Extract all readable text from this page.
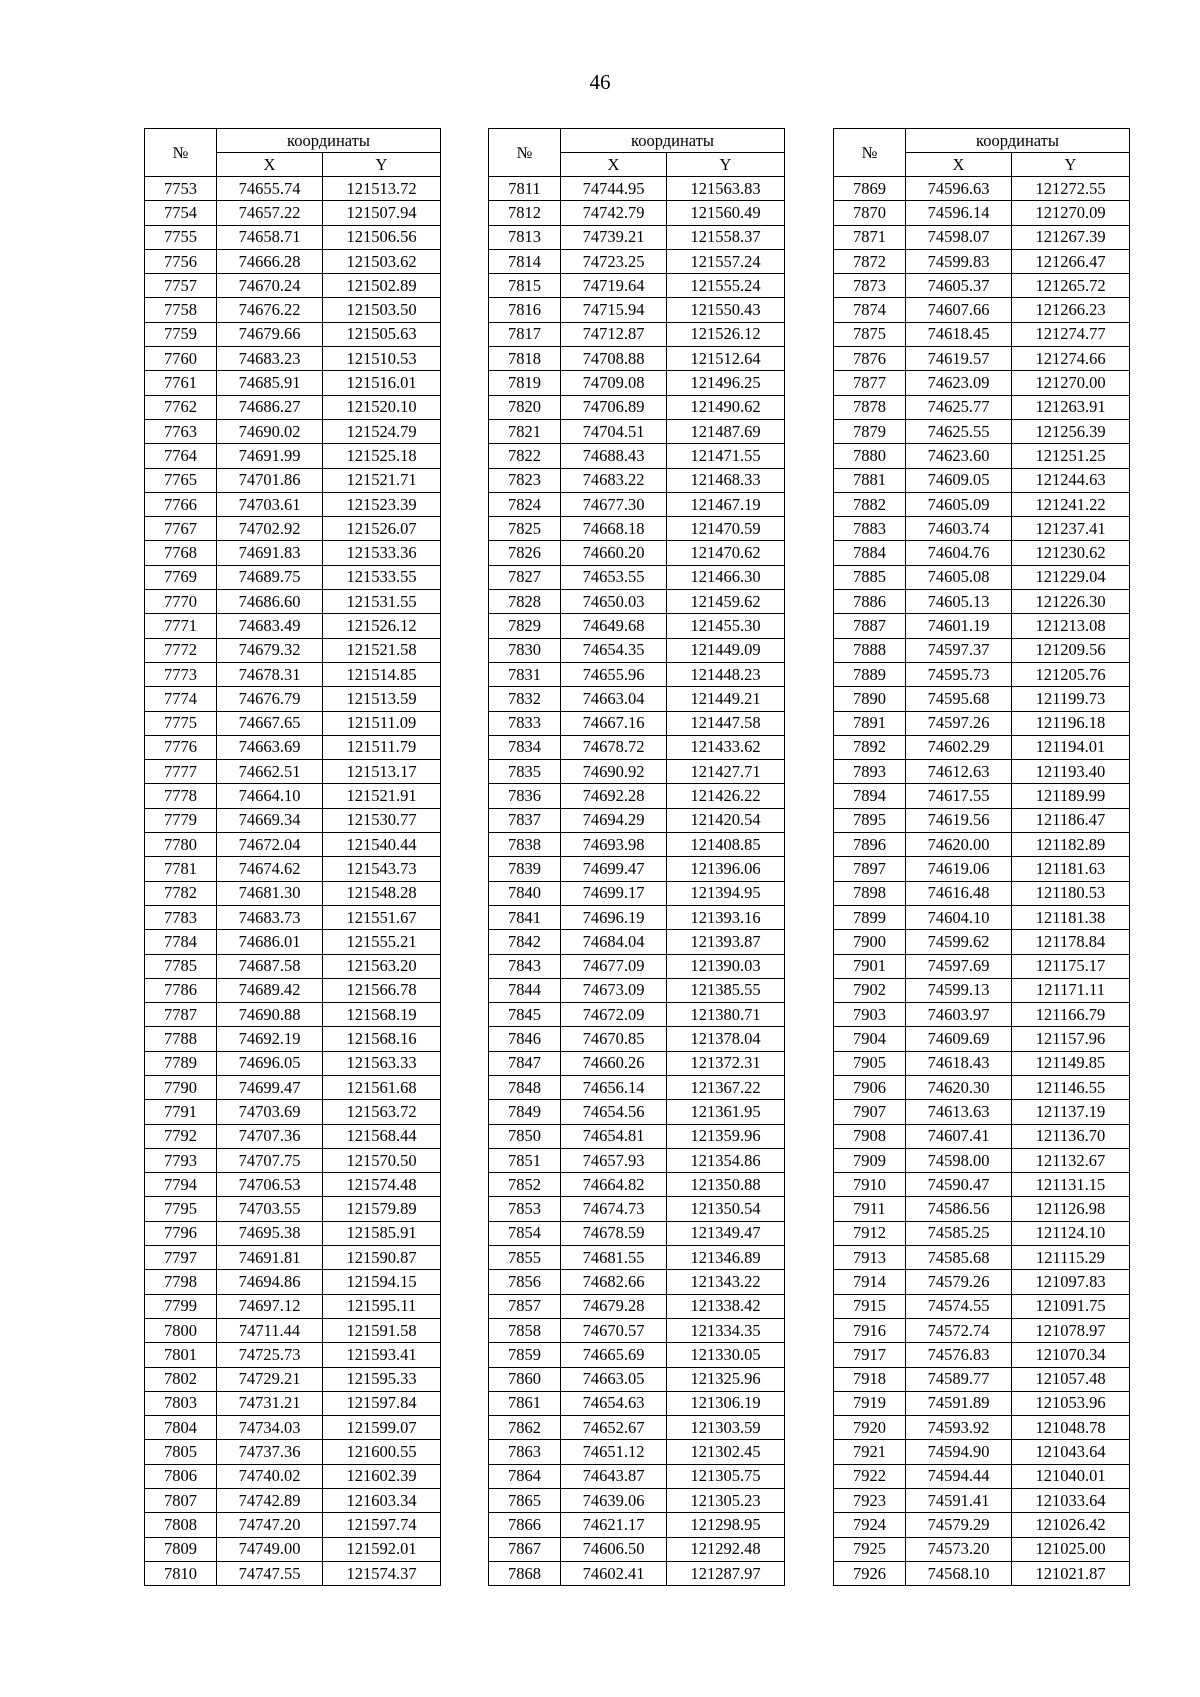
46
№	координаты	
	X	Y
7753	74655.74	121513.72
7754	74657.22	121507.94
7755	74658.71	121506.56
7756	74666.28	121503.62
7757	74670.24	121502.89
7758	74676.22	121503.50
7759	74679.66	121505.63
7760	74683.23	121510.53
7761	74685.91	121516.01
7762	74686.27	121520.10
7763	74690.02	121524.79
7764	74691.99	121525.18
7765	74701.86	121521.71
7766	74703.61	121523.39
7767	74702.92	121526.07
7768	74691.83	121533.36
7769	74689.75	121533.55
7770	74686.60	121531.55
7771	74683.49	121526.12
7772	74679.32	121521.58
7773	74678.31	121514.85
7774	74676.79	121513.59
7775	74667.65	121511.09
7776	74663.69	121511.79
7777	74662.51	121513.17
7778	74664.10	121521.91
7779	74669.34	121530.77
7780	74672.04	121540.44
7781	74674.62	121543.73
7782	74681.30	121548.28
7783	74683.73	121551.67
7784	74686.01	121555.21
7785	74687.58	121563.20
7786	74689.42	121566.78
7787	74690.88	121568.19
7788	74692.19	121568.16
7789	74696.05	121563.33
7790	74699.47	121561.68
7791	74703.69	121563.72
7792	74707.36	121568.44
7793	74707.75	121570.50
7794	74706.53	121574.48
7795	74703.55	121579.89
7796	74695.38	121585.91
7797	74691.81	121590.87
7798	74694.86	121594.15
7799	74697.12	121595.11
7800	74711.44	121591.58
7801	74725.73	121593.41
7802	74729.21	121595.33
7803	74731.21	121597.84
7804	74734.03	121599.07
7805	74737.36	121600.55
7806	74740.02	121602.39
7807	74742.89	121603.34
7808	74747.20	121597.74
7809	74749.00	121592.01
7810	74747.55	121574.37
№	координаты	
	X	Y
7811	74744.95	121563.83
7812	74742.79	121560.49
7813	74739.21	121558.37
7814	74723.25	121557.24
7815	74719.64	121555.24
7816	74715.94	121550.43
7817	74712.87	121526.12
7818	74708.88	121512.64
7819	74709.08	121496.25
7820	74706.89	121490.62
7821	74704.51	121487.69
7822	74688.43	121471.55
7823	74683.22	121468.33
7824	74677.30	121467.19
7825	74668.18	121470.59
7826	74660.20	121470.62
7827	74653.55	121466.30
7828	74650.03	121459.62
7829	74649.68	121455.30
7830	74654.35	121449.09
7831	74655.96	121448.23
7832	74663.04	121449.21
7833	74667.16	121447.58
7834	74678.72	121433.62
7835	74690.92	121427.71
7836	74692.28	121426.22
7837	74694.29	121420.54
7838	74693.98	121408.85
7839	74699.47	121396.06
7840	74699.17	121394.95
7841	74696.19	121393.16
7842	74684.04	121393.87
7843	74677.09	121390.03
7844	74673.09	121385.55
7845	74672.09	121380.71
7846	74670.85	121378.04
7847	74660.26	121372.31
7848	74656.14	121367.22
7849	74654.56	121361.95
7850	74654.81	121359.96
7851	74657.93	121354.86
7852	74664.82	121350.88
7853	74674.73	121350.54
7854	74678.59	121349.47
7855	74681.55	121346.89
7856	74682.66	121343.22
7857	74679.28	121338.42
7858	74670.57	121334.35
7859	74665.69	121330.05
7860	74663.05	121325.96
7861	74654.63	121306.19
7862	74652.67	121303.59
7863	74651.12	121302.45
7864	74643.87	121305.75
7865	74639.06	121305.23
7866	74621.17	121298.95
7867	74606.50	121292.48
7868	74602.41	121287.97
№	координаты	
	X	Y
7869	74596.63	121272.55
7870	74596.14	121270.09
7871	74598.07	121267.39
7872	74599.83	121266.47
7873	74605.37	121265.72
7874	74607.66	121266.23
7875	74618.45	121274.77
7876	74619.57	121274.66
7877	74623.09	121270.00
7878	74625.77	121263.91
7879	74625.55	121256.39
7880	74623.60	121251.25
7881	74609.05	121244.63
7882	74605.09	121241.22
7883	74603.74	121237.41
7884	74604.76	121230.62
7885	74605.08	121229.04
7886	74605.13	121226.30
7887	74601.19	121213.08
7888	74597.37	121209.56
7889	74595.73	121205.76
7890	74595.68	121199.73
7891	74597.26	121196.18
7892	74602.29	121194.01
7893	74612.63	121193.40
7894	74617.55	121189.99
7895	74619.56	121186.47
7896	74620.00	121182.89
7897	74619.06	121181.63
7898	74616.48	121180.53
7899	74604.10	121181.38
7900	74599.62	121178.84
7901	74597.69	121175.17
7902	74599.13	121171.11
7903	74603.97	121166.79
7904	74609.69	121157.96
7905	74618.43	121149.85
7906	74620.30	121146.55
7907	74613.63	121137.19
7908	74607.41	121136.70
7909	74598.00	121132.67
7910	74590.47	121131.15
7911	74586.56	121126.98
7912	74585.25	121124.10
7913	74585.68	121115.29
7914	74579.26	121097.83
7915	74574.55	121091.75
7916	74572.74	121078.97
7917	74576.83	121070.34
7918	74589.77	121057.48
7919	74591.89	121053.96
7920	74593.92	121048.78
7921	74594.90	121043.64
7922	74594.44	121040.01
7923	74591.41	121033.64
7924	74579.29	121026.42
7925	74573.20	121025.00
7926	74568.10	121021.87
